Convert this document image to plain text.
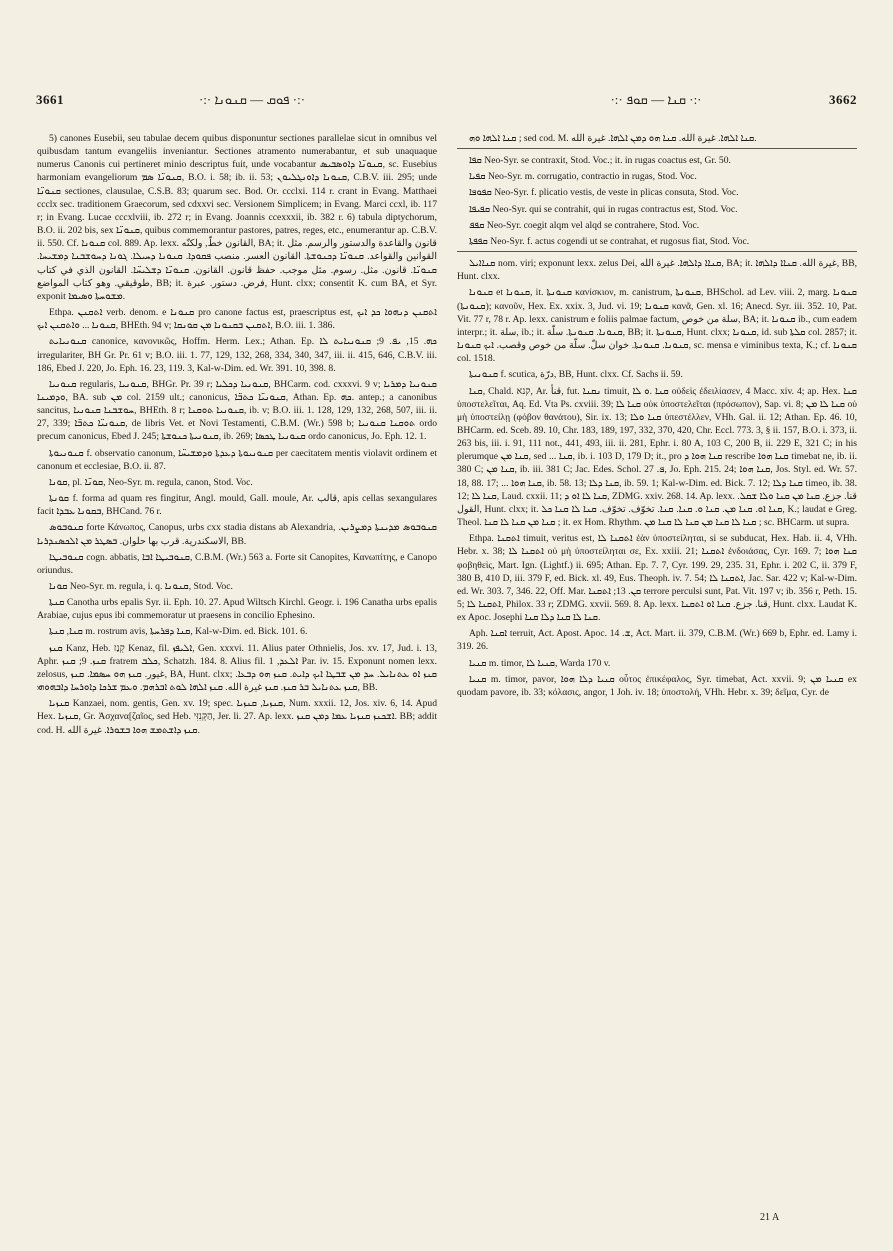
3661	·:· ܦܘܩ — ܩܢܘܢܐ ·:·	·:· ܩܢܐ — ܩܘܦ ·:·	3662

5) canones Eusebii, seu tabulae decem quibus disponuntur sectiones parallelae sicut in omnibus vel quibusdam tantum evangeliis inveniantur. Sectiones atramento numerabantur, et sub unaquaque numerus Canonis cui pertineret minio descriptus fuit, unde vocabantur ܩܢܘܢ̈ܐ ܕܐܘܣܒܝܣ, sc. Eusebius harmoniam evangeliorum ܩܢܘܢ̈ܐ ܣܡ, B.O. i. 58; ib. ii. 53; ܩܢܘܢܐ ܕܐܘܢܓܠܝܘܢ, C.B.V. iii. 295; unde ܩܢܘܢ̈ܐ sectiones, clausulae, C.S.B. 83; quarum sec. Bod. Or. ccclxi. 114 r. crant in Evang. Matthaei ccclx sec. traditionem Graecorum, sed cdxxvi sec. Versionem Simplicem; in Evang. Marci ccxl, ib. 117 r; in Evang. Lucae cccxlviii, ib. 272 r; in Evang. Joannis ccexxxii, ib. 382 r. 6) tabula diptychorum, B.O. ii. 202 bis, sex ܩܢܘܢ̈ܐ, quibus commemorantur pastores, patres, reges, etc., enumerantur ap. C.B.V. ii. 550. Cf. ܩܢܘܢܐ col. 889. Ap. lexx. القانون خطّ, ولكنّه, BA; it. قانون والقاعدة والدستور والرسم. مثل القوانين والقواعد. ܩܢܘܢ̈ܐ ܕܟܢܘܫܬܐ. القانون العسر. منصب ܦܩܘܕܐ. ܩܢܘܢܐ ܕܚܝܠܐ. ܓܘܢܐ ܕܚܘܫܒܢܐ ܕܡܫܝܚܐ. ܩܢܘܢ̈ܐ. قانون. مثل. رسوم. مثل موجب. حفظ قانون. القانون. ܩܢܘܢ̈ܐ ܕܫܠܝܚ̈ܐ. القانون الذي في كتاب طوقيقي. وهو كتاب المواضع, BB; it. فرض. دستور. عبرة, Hunt. clxx; consentit K. cum BA, et Syr. exponit ܡܫܘܚܬܐ ܘܣܝܡܐ.

Ethpa. ܐܬܩܢܢ verb. denom. e ܩܢܘܢܐ pro canone factus est, praescriptus est, ܐܬܩܢܢ ܕܢܗܘܐ ܟܕ ܐܝܟ ܩܢܘܢܐ ... ܘܐܬܩܢܢ ܐܝܟ, BHEth. 94 v; ܐܬܩܢܢ ܒܩܢܘܢܐ ܡܢ ܩܘܢܩܐ, B.O. iii. 1. 386.

ܩܢܘܢܝܐܝܬ canonice, κανονικῶς, Hoffm. Herm. Lex.; Athan. Ep. ܟܗ. 15, ܝܦ. 9; ܩܢܘܢܝܐܝܬ ܠܐ irregulariter, BH Gr. Pr. 61 v; B.O. iii. 1. 77, 129, 132, 268, 334, 340, 347, iii. ii. 415, 646, C.B.V. iii. 186, Ebed J. 220, Jo. Eph. 16. 23, 119. 3, Kal-w-Dim. ed. Wr. 391. 10, 398. 8.

ܩܢܘܢܝܐ regularis, ܩܢܘܢܝܐ, BHGr. Pr. 39 r; ܩܢܘܢܝܐ ܕܟܠܝܐ, BHCarm. cod. cxxxvi. 9 v; ܩܢܘܢܝܐ ܕܡܪܝܐ ܘܕܡܝܢܐ, BA. sub ܡܢ col. 2159 ult.; canonicus, ܩܢܘܢܝ̈ܐ ܟܬܒ̈ܐ, Athan. Ep. ܟܗ. antep.; a canonibus sancitus, ܚܘܫܒܢܐ ܩܢܘܢܝܐ, BHEth. 8 r; ܩܢܘܢܝܐ ܬܘܩܢܐ, ib. v; B.O. iii. 1. 128, 129, 132, 268, 507, iii. ii. 27, 339; ܩܢܘܢܝ̈ܐ ܟܬܒ̈ܐ, de libris Vet. et Novi Testamenti, C.B.M. (Wr.) 598 b; ܬܘܩܢܐ ܩܢܘܢܝܐ ordo precum canonicus, Ebed J. 245; ܩܢܘܢܝܬܐ ܟܢܘܫܬܐ, ib. 269; ܩܢܘܢܝܐ ܛܟܣܐ ordo canonicus, Jo. Eph. 12. 1.

ܩܢܘܢܝܘܬܐ f. observatio canonum, ܩܢܘܢܝܘܬܐ ܕܥܕܬܐ ܘܕܡܫܝܚ̈ܐ per caecitatem mentis violavit ordinem et canonum et ecclesiae, B.O. ii. 87.

ܩܘܢܐ, pl. ܩܘܢ̈ܐ, Neo-Syr. m. regula, canon, Stod. Voc.

ܩܘܢܬܐ f. forma ad quam res fingitur, Angl. mould, Gall. moule, Ar. قالب, apis cellas sexangulares facit ܒܩܘܢܐ ܥܒܕܐ, BHCand. 76 r.

ܩܢܘܒܘܣ forte Κάνωπος, Canopus, urbs cxx stadia distans ab Alexandria, ܩܢܘܒܘܣ ܡܕܝܢܬܐ ܕܡܨܪܝܢ. الاسكندرية. قرب بها حلوان. ܒܣܛܪ ܡܢ ܐܠܟܣܢܕܪܝܐ, BB.

ܩܢܘܒܝܛܐ cogn. abbatis, ܩܢܘܒܝܛܐ ܐܒܐ, C.B.M. (Wr.) 563 a. Forte sit Canopites, Κανωπίτης, e Canopo oriundus.

ܩܘܢܐ Neo-Syr. m. regula, i. q. ܩܢܘܢܐ, Stod. Voc.

ܩܢܬܐ Canotha urbs epalis Syr. ii. Eph. 10. 27. Apud Wiltsch Kirchl. Geogr. i. 196 Canatha urbs epalis Arabiae, cujus epus ibi commemoratur ut praesens in concilio Ephesino.

ܩܢܐ, ܩܢܬܐ m. rostrum avis, ܩܢܐ ܕܦܪܚܬܐ, Kal-w-Dim. ed. Bick. 101. 6.

ܩܢܙ Kanz, Heb. קְנַז Kenaz, fil. ܐܠܝܦܙ, Gen. xxxvi. 11. Alius pater Othnielis, Jos. xv. 17, Jud. i. 13, Aphr. ܩܢܙ. 9; ܩܢܙ fratrem ܟܠܒ, Schatzh. 184. 8. Alius fil. ܐܠܥܕ, 1 Par. iv. 15. Exponunt nomen lexx. zelosus, غيور. ܩܢܙ ܗܘ ܚܣܡܐ. ܩܢܙ, BA, Hunt. clxx; ܩܢܙ ܐܘ ܥܬܢܐܝܠ. ܚܕ ܡܢ ܫܒܛܐ ܐܝܟ ܕܐܝܬ. ܩܢܙ ܗܘ ܕܒܥܐ. ܩܢܙ ܥܬܢܐܝܠ ܒܪ ܩܢܙ. ܩܢܙ غيرة الله. ܩܢܙ ܐܠܗܐ ܠܘܬ ܐܒܪܗܡ. ܘܥܡ ܫܪܟܐ ܕܐܘܪܚܐ ܕܐܒܗܘܗܝ, BB.

ܩܢܙܝܐ Kanzaei, nom. gentis, Gen. xv. 19; spec. ܩܢܙܝܐ, ܩܢܙܝܐ, Num. xxxii. 12, Jos. xiv. 6, 14. Apud Hex. ܩܢܙܝܐ, Gr. Ἀσχανα[ζαῖος, sed Heb. הַקְּנִזִּי, Jer. li. 27. Ap. lexx. ܐܫܟܢܙ ܩܢܙܝܐ ܥܡܐ ܕܡܢ ܩܢܙ. BB; addit cod. H. ܩܢܙ ܕܐܫܬܡܫ ܗܘܐ ܒܫܘܪܐ. غيرة الله.

ܩܢܐ ܐܠܗܐ ܘܗ ; sed cod. M. ܩܢܐ ܐܠܗܐ. غيرة الله. ܩܢܐ ܗܘ ܕܡܢ ܐܠܗܐ. غيرة الله.

ܩܦܐ Neo-Syr. se contraxit, Stod. Voc.; it. in rugas coactus est, Gr. 50.

ܩܦܝܐ Neo-Syr. m. corrugatio, contractio in rugas, Stod. Voc.

ܩܦܘܦܐ Neo-Syr. f. plicatio vestis, de veste in plicas consuta, Stod. Voc.

ܩܦܝܦܐ Neo-Syr. qui se contrahit, qui in rugas contractus est, Stod. Voc.

ܩܦܦ Neo-Syr. coegit alqm vel alqd se contrahere, Stod. Voc.

ܩܦܦܬܐ Neo-Syr. f. actus cogendi ut se contrahat, et rugosus fiat, Stod. Voc.

ܩܢܐܐܝܠ nom. viri; exponunt lexx. zelus Dei, ܩܢܐܐ ܕܐܠܗܐ. غيرة الله, BA; it. غيرة الله. ܩܢܐܐ ܕܐܠܗܐ, BB, Hunt. clxx.

ܩܢܘܢܐ et ܩܢܘܢܐ, it. ܩܢܘܢܬܐ κανίσκιον, m. canistrum, ܩܢܘܢܬܐ, BHSchol. ad Lev. viii. 2, marg. ܩܢܘܢܐ (ܩܢܘܢܬܐ); κανοῦν, Hex. Ex. xxix. 3, Jud. vi. 19; ܩܢܘܢܐ κανᾶ, Gen. xl. 16; Anecd. Syr. iii. 352. 10, Pat. Vit. 77 r, 78 r. Ap. lexx. canistrum e foliis palmae factum, سلة من خوص, BA; it. ܩܢܘܢܐ ib., cum eadem interpr.; it. سلة, ib.; it. ܩܢܘܢܐ. ܩܢܘܢܬܐ. سلّة, BB; it. ܩܢܘܢܬܐ, Hunt. clxx; ܩܢܘܢܐ, id. sub ܩܠܬܐ col. 2857; it. ܩܢܘܢܐ. ܩܢܘܢܬܐ. خوان سلّ. سلّة من خوص وقصب. ܐܝܟ ܩܢܘܢܐ, sc. mensa e viminibus texta, K.; cf. ܩܢܘܢܐ col. 1518.

ܩܢܘܢܝܬܐ f. scutica, درّة, BB, Hunt. clxx. Cf. Sachs ii. 59.

ܩܢܐ, Chald. קנא, Ar. قنأ, fut. ܢܩܢܐ timuit, ܩܢܐ .ܘ ܠܐ οὐδεὶς ἐδειλίασεν, 4 Macc. xiv. 4; ap. Hex. ܩܢܐ ὑποστελεῖται, Aq. Ed. Vta Ps. cxviii. 39; ܩܢܐ ܠܐ οὐκ ὑποστελεῖται (πρόσωπον), Sap. vi. 8; ܩܢܐ ܠܐ ܡܢ οὐ μὴ ὑποστείλῃ (φόβον θανάτου), Sir. ix. 13; ܩܢܐ ܘܠܐ ὑπεστέλλεν, VHh. Gal. ii. 12; Athan. Ep. 46. 10, BHCarm. ed. Sceb. 89. 10, Chr. 183, 189, 197, 332, 370, 420, Chr. Eccl. 773. 3, § ii. 157, B.O. i. 373, ii. 263 bis, iii. i. 91, 111 not., 441, 493, iii. ii. 281, Ephr. i. 80 A, 103 C, 200 B, ii. 229 E, 321 C; in his plerumque ܩܢܐ ܡܢ, sed ... ܩܢܐ, ib. i. 103 D, 179 D; it., pro ܩܢܐ ܗܘܐ ܕ rescribe ܩܢܐ ܗܘܐ timebat ne, ib. ii. 380 C; ܩܢܐ ܡܢ, ib. iii. 381 C; Jac. Edes. Schol. ܦ. 27, Jo. Eph. 215. 24; ܩܢܐ ܗܘܐ, Jos. Styl. ed. Wr. 57. 18, 88. 17; ... ܩܢܐ ܗܘܐ, ib. 58. 13; ܩܢܐ ܕܠܐ, ib. 59. 1; Kal-w-Dim. ed. Bick. 7. 12; ܩܢܐ ܕܠܐ timeo, ib. 38. 12; ܩܢܐ ܠܐ, Laud. cxxii. 11; ܩܢܐ ܠܐ ܐܘ ܕ, ZDMG. xxiv. 268. 14. Ap. lexx. قنا. جزع. ܩܢܐ ܡܢ ܩܢܐ ܘܠܐ ܫܩܠ. القول, Hunt. clxx; it. ܩܢܐ ܐܘ. ܩܢܐ ܡܢ. ܩܢܐ ܘ. ܩܢܐ. ܩܢܐ. تخوّف. تخوّف. ܩܢܐ ܠܐ ܩܢܐ ܟܠ, K.; laudat e Greg. Theol. ܩܢܐ ܡܢ ܩܢܐ ܠܐ ܩܢܐ ; it. ex Hom. Rhythm. ܩܢܐ ܠܐ ܩܢܐ ܡܢ ܩܢܐ ܠܐ ܩܢܐ ܡܢ ; sc. BHCarm. ut supra.

Ethpa. ܐܬܩܢܐ timuit, veritus est, ܐܬܩܢܐ ܠܐ ἐὰν ὑποστείληται, si se subducat, Hex. Hab. ii. 4, VHh. Hebr. x. 38; ܐܬܩܢܐ ܠܐ οὐ μὴ ὑποστείληται σε, Ex. xxiii. 21; ܐܬܩܢܐ ἐνδοιάσας, Cyr. 169. 7; ܩܢܐ ܗܘܐ φοβηθεὶς, Mart. Ign. (Lightf.) ii. 695; Athan. Ep. 7. 7, Cyr. 199. 29, 235. 31, Ephr. i. 202 C, ii. 379 F, 380 B, 410 D, iii. 379 F, ed. Bick. xl. 49, Eus. Theoph. iv. 7. 54; ܐܬܩܢܐ ܠܐ, Jac. Sar. 422 v; Kal-w-Dim. ed. Wr. 303. 7, 346. 22, Off. Mar. ܩܢ. 13; ܐܬܩܢܐ terrore perculsi sunt, Pat. Vit. 197 v; ib. 356 r, Peth. 15. 5; ܐܬܩܢܐ ܠܐ, Philox. 33 r; ZDMG. xxvii. 569. 8. Ap. lexx. قنا. جزع. ܩܢܐ ܐܘ ܐܬܩܢܐ, Hunt. clxx. Laudat K. ex Apoc. Josephi ܩܢܐ ܠܐ ܩܢܐ ܕܠܐ ܩܢܐ.

Aph. ܐܩܢܐ terruit, Act. Apost. Apoc. ܫ. 14, Act. Mart. ii. 379, C.B.M. (Wr.) 669 b, Ephr. ed. Lamy i. 319. 26.

ܩܢܝܐ m. timor, ܩܢܝܐ ܠܐ, Warda 170 v.

ܩܢܝܐ m. timor, pavor, ܩܢܝܐ ܕܠܐ ܗܘܐ οὗτος ἐπικέφαλος, Syr. timebat, Act. xxvii. 9; ܩܢܝܐ ܡܢ ex quodam pavore, ib. 33; κόλασις, angor, 1 Joh. iv. 18; ὑποστολή, VHh. Hebr. x. 39; δεῖμα, Cyr. de

21 A
